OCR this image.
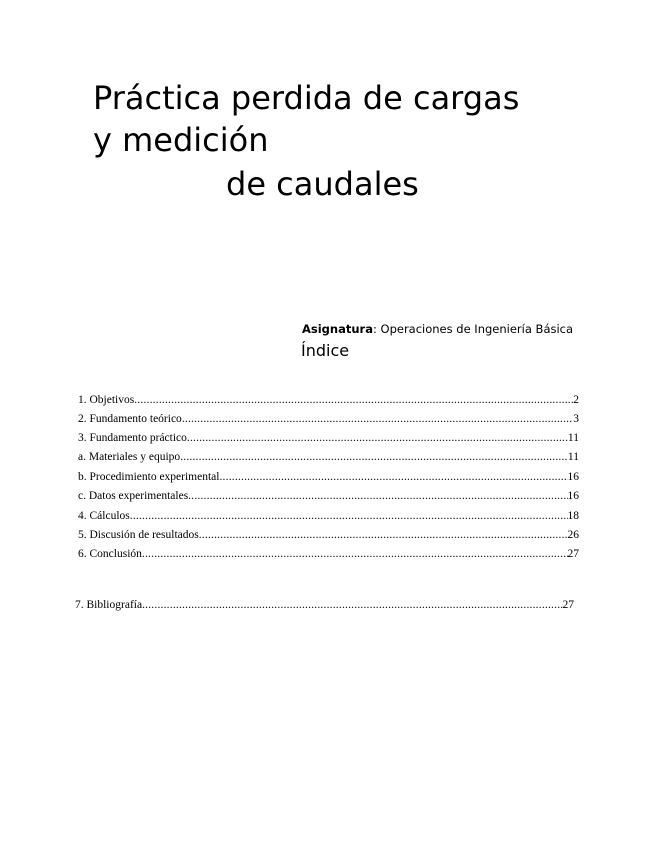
Práctica perdida de cargas
y medición
de caudales
Asignatura: Operaciones de Ingeniería Básica
Índice
1. Objetivos .....	2
2. Fundamento teórico .....	3
3. Fundamento práctico .....	11
a. Materiales y equipo .....	11
b. Procedimiento experimental .....	16
c. Datos experimentales .....	16
4. Cálculos .....	18
5. Discusión de resultados .....	26
6. Conclusión .....	27
7. Bibliografía .....	27
